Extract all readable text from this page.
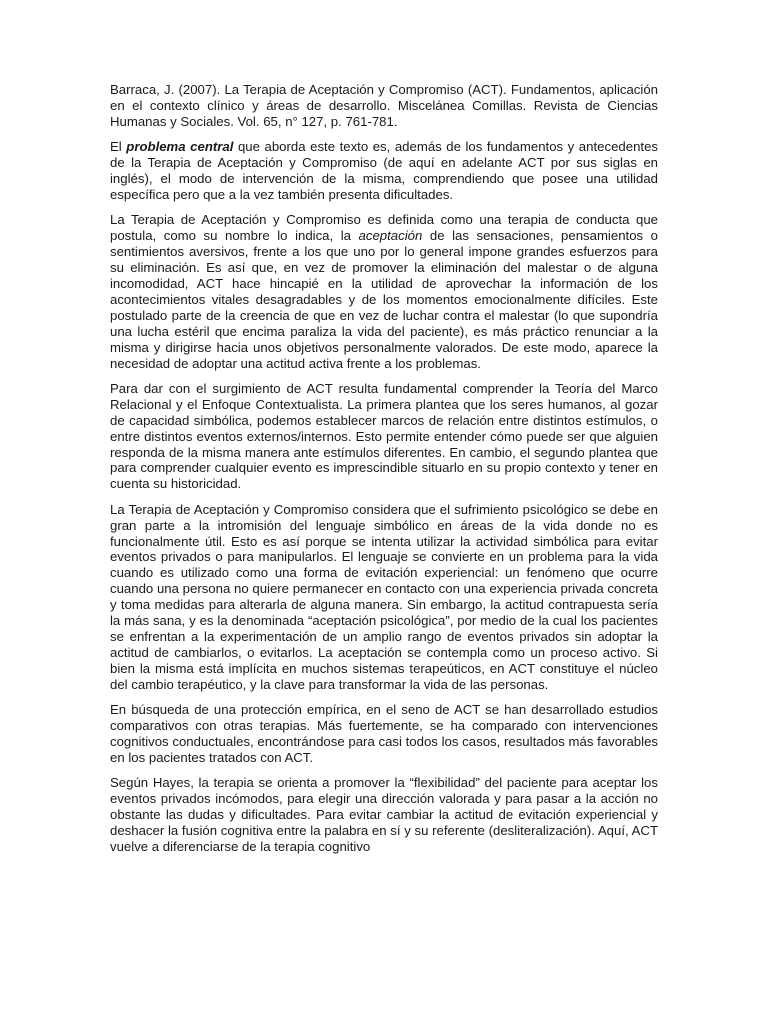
Barraca, J. (2007). La Terapia de Aceptación y Compromiso (ACT). Fundamentos, aplicación en el contexto clínico y áreas de desarrollo. Miscelánea Comillas. Revista de Ciencias Humanas y Sociales. Vol. 65, n° 127, p. 761-781.

El problema central que aborda este texto es, además de los fundamentos y antecedentes de la Terapia de Aceptación y Compromiso (de aquí en adelante ACT por sus siglas en inglés), el modo de intervención de la misma, comprendiendo que posee una utilidad específica pero que a la vez también presenta dificultades.

La Terapia de Aceptación y Compromiso es definida como una terapia de conducta que postula, como su nombre lo indica, la aceptación de las sensaciones, pensamientos o sentimientos aversivos, frente a los que uno por lo general impone grandes esfuerzos para su eliminación. Es así que, en vez de promover la eliminación del malestar o de alguna incomodidad, ACT hace hincapié en la utilidad de aprovechar la información de los acontecimientos vitales desagradables y de los momentos emocionalmente difíciles. Este postulado parte de la creencia de que en vez de luchar contra el malestar (lo que supondría una lucha estéril que encima paraliza la vida del paciente), es más práctico renunciar a la misma y dirigirse hacia unos objetivos personalmente valorados. De este modo, aparece la necesidad de adoptar una actitud activa frente a los problemas.

Para dar con el surgimiento de ACT resulta fundamental comprender la Teoría del Marco Relacional y el Enfoque Contextualista. La primera plantea que los seres humanos, al gozar de capacidad simbólica, podemos establecer marcos de relación entre distintos estímulos, o entre distintos eventos externos/internos. Esto permite entender cómo puede ser que alguien responda de la misma manera ante estímulos diferentes. En cambio, el segundo plantea que para comprender cualquier evento es imprescindible situarlo en su propio contexto y tener en cuenta su historicidad.

La Terapia de Aceptación y Compromiso considera que el sufrimiento psicológico se debe en gran parte a la intromisión del lenguaje simbólico en áreas de la vida donde no es funcionalmente útil. Esto es así porque se intenta utilizar la actividad simbólica para evitar eventos privados o para manipularlos. El lenguaje se convierte en un problema para la vida cuando es utilizado como una forma de evitación experiencial: un fenómeno que ocurre cuando una persona no quiere permanecer en contacto con una experiencia privada concreta y toma medidas para alterarla de alguna manera. Sin embargo, la actitud contrapuesta sería la más sana, y es la denominada “aceptación psicológica”, por medio de la cual los pacientes se enfrentan a la experimentación de un amplio rango de eventos privados sin adoptar la actitud de cambiarlos, o evitarlos. La aceptación se contempla como un proceso activo. Si bien la misma está implícita en muchos sistemas terapeúticos, en ACT constituye el núcleo del cambio terapéutico, y la clave para transformar la vida de las personas.

En búsqueda de una protección empírica, en el seno de ACT se han desarrollado estudios comparativos con otras terapias. Más fuertemente, se ha comparado con intervenciones cognitivos conductuales, encontrándose para casi todos los casos, resultados más favorables en los pacientes tratados con ACT.

Según Hayes, la terapia se orienta a promover la “flexibilidad” del paciente para aceptar los eventos privados incómodos, para elegir una dirección valorada y para pasar a la acción no obstante las dudas y dificultades. Para evitar cambiar la actitud de evitación experiencial y deshacer la fusión cognitiva entre la palabra en sí y su referente (desliteralización). Aquí, ACT vuelve a diferenciarse de la terapia cognitivo
